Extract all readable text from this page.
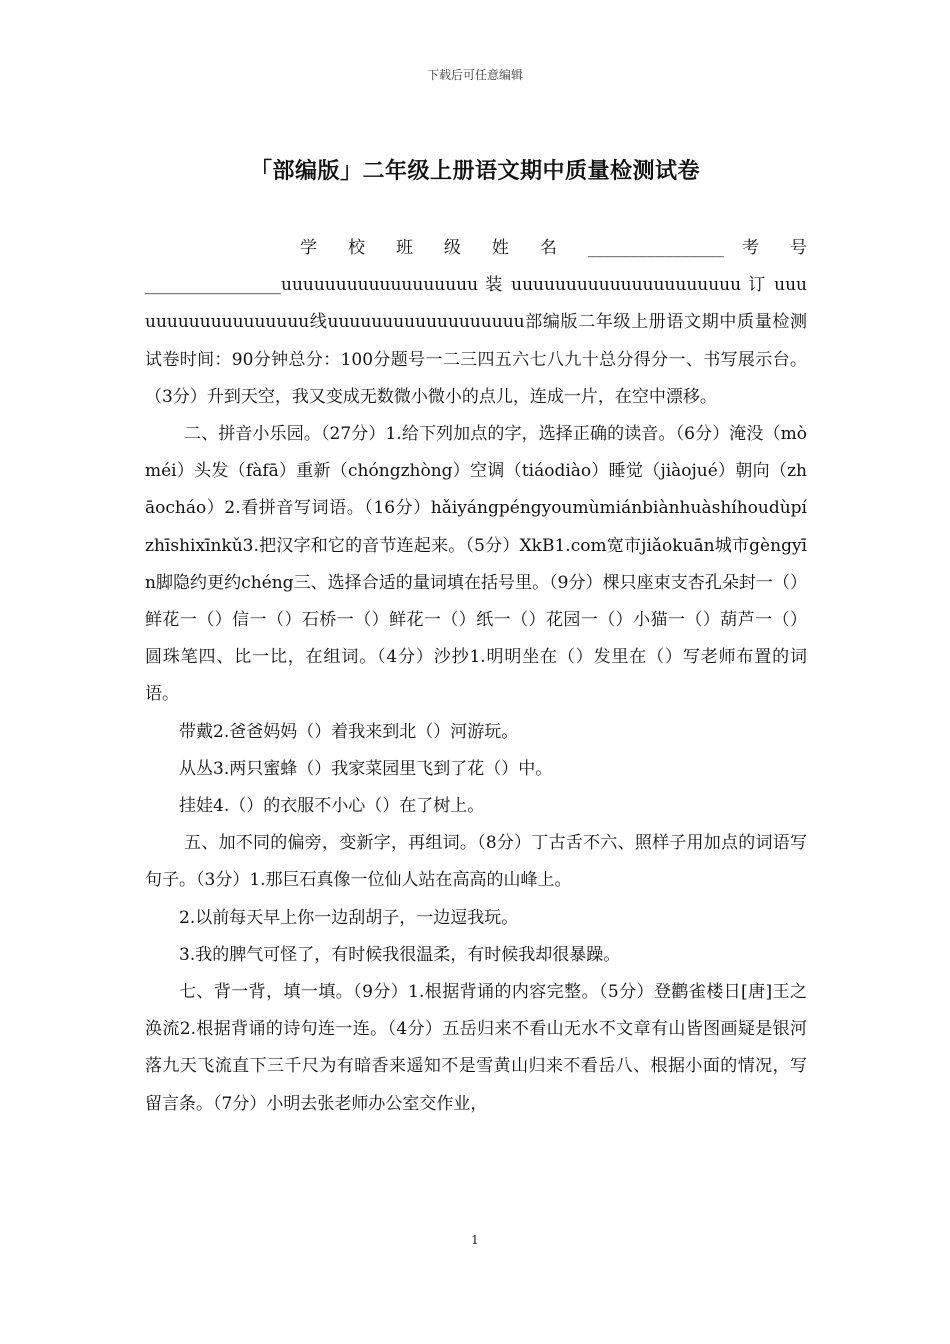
下载后可任意编辑
「部编版」二年级上册语文期中质量检测试卷

学 校 班 级 姓 名 ________________ 考 号

________________uuuuuuuuuuuuuuuuuu 装 uuuuuuuuuuuuuuuuuuuuu 订 uuuuuuuuuuuuuuuuuu线uuuuuuuuuuuuuuuuuu部编版二年级上册语文期中质量检测试卷时间：90分钟总分：100分题号一二三四五六七八九十总分得分一、书写展示台。（3分）升到天空，我又变成无数微小微小的点儿，连成一片，在空中漂移。

二、拼音小乐园。（27分）1.给下列加点的字，选择正确的读音。（6分）淹没（mòméi）头发（fàfā）重新（chóngzhòng）空调（tiáodiào）睡觉（jiàojué）朝向（zhāocháo）2.看拼音写词语。（16分）hǎiyángpéngyoumùmiánbiànhuàshíhoudùpízhīshixīnkǔ3.把汉字和它的音节连起来。（5分）XkB1.com宽市jiǎokuān城市gèngyīn脚隐约更约chéng三、选择合适的量词填在括号里。（9分）棵只座束支杏孔朵封一（）鲜花一（）信一（）石桥一（）鲜花一（）纸一（）花园一（）小猫一（）葫芦一（）圆珠笔四、比一比，在组词。（4分）沙抄1.明明坐在（）发里在（）写老师布置的词语。

带戴2.爸爸妈妈（）着我来到北（）河游玩。

从丛3.两只蜜蜂（）我家菜园里飞到了花（）中。

挂娃4.（）的衣服不小心（）在了树上。

五、加不同的偏旁，变新字，再组词。（8分）丁古舌不六、照样子用加点的词语写句子。（3分）1.那巨石真像一位仙人站在高高的山峰上。

2.以前每天早上你一边刮胡子，一边逗我玩。

3.我的脾气可怪了，有时候我很温柔，有时候我却很暴躁。

七、背一背，填一填。（9分）1.根据背诵的内容完整。（5分）登鹳雀楼日[唐]王之涣流2.根据背诵的诗句连一连。（4分）五岳归来不看山无水不文章有山皆图画疑是银河落九天飞流直下三千尺为有暗香来遥知不是雪黄山归来不看岳八、根据小面的情况，写留言条。（7分）小明去张老师办公室交作业，

1
